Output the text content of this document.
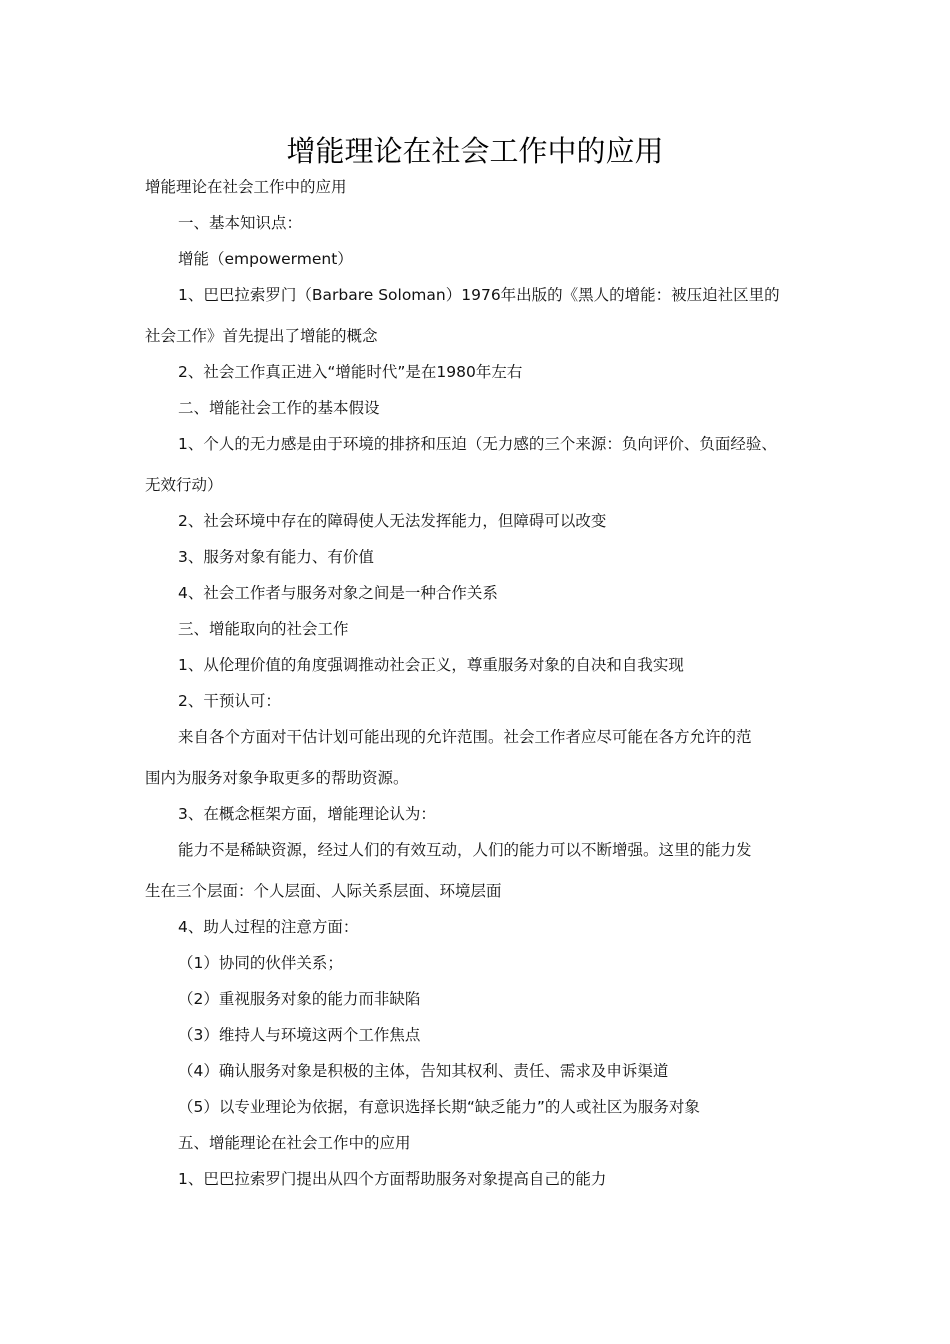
增能理论在社会工作中的应用

增能理论在社会工作中的应用

一、基本知识点：

增能（empowerment）

1、巴巴拉索罗门（Barbare Soloman）1976年出版的《黑人的增能：被压迫社区里的

社会工作》首先提出了增能的概念

2、社会工作真正进入“增能时代”是在1980年左右

二、增能社会工作的基本假设

1、个人的无力感是由于环境的排挤和压迫（无力感的三个来源：负向评价、负面经验、

无效行动）

2、社会环境中存在的障碍使人无法发挥能力，但障碍可以改变

3、服务对象有能力、有价值

4、社会工作者与服务对象之间是一种合作关系

三、增能取向的社会工作

1、从伦理价值的角度强调推动社会正义，尊重服务对象的自决和自我实现

2、干预认可：

来自各个方面对干估计划可能出现的允许范围。社会工作者应尽可能在各方允许的范

围内为服务对象争取更多的帮助资源。

3、在概念框架方面，增能理论认为：

能力不是稀缺资源，经过人们的有效互动，人们的能力可以不断增强。这里的能力发

生在三个层面：个人层面、人际关系层面、环境层面

4、助人过程的注意方面：

（1）协同的伙伴关系；

（2）重视服务对象的能力而非缺陷

（3）维持人与环境这两个工作焦点

（4）确认服务对象是积极的主体，告知其权利、责任、需求及申诉渠道

（5）以专业理论为依据，有意识选择长期“缺乏能力”的人或社区为服务对象

五、增能理论在社会工作中的应用

1、巴巴拉索罗门提出从四个方面帮助服务对象提高自己的能力
